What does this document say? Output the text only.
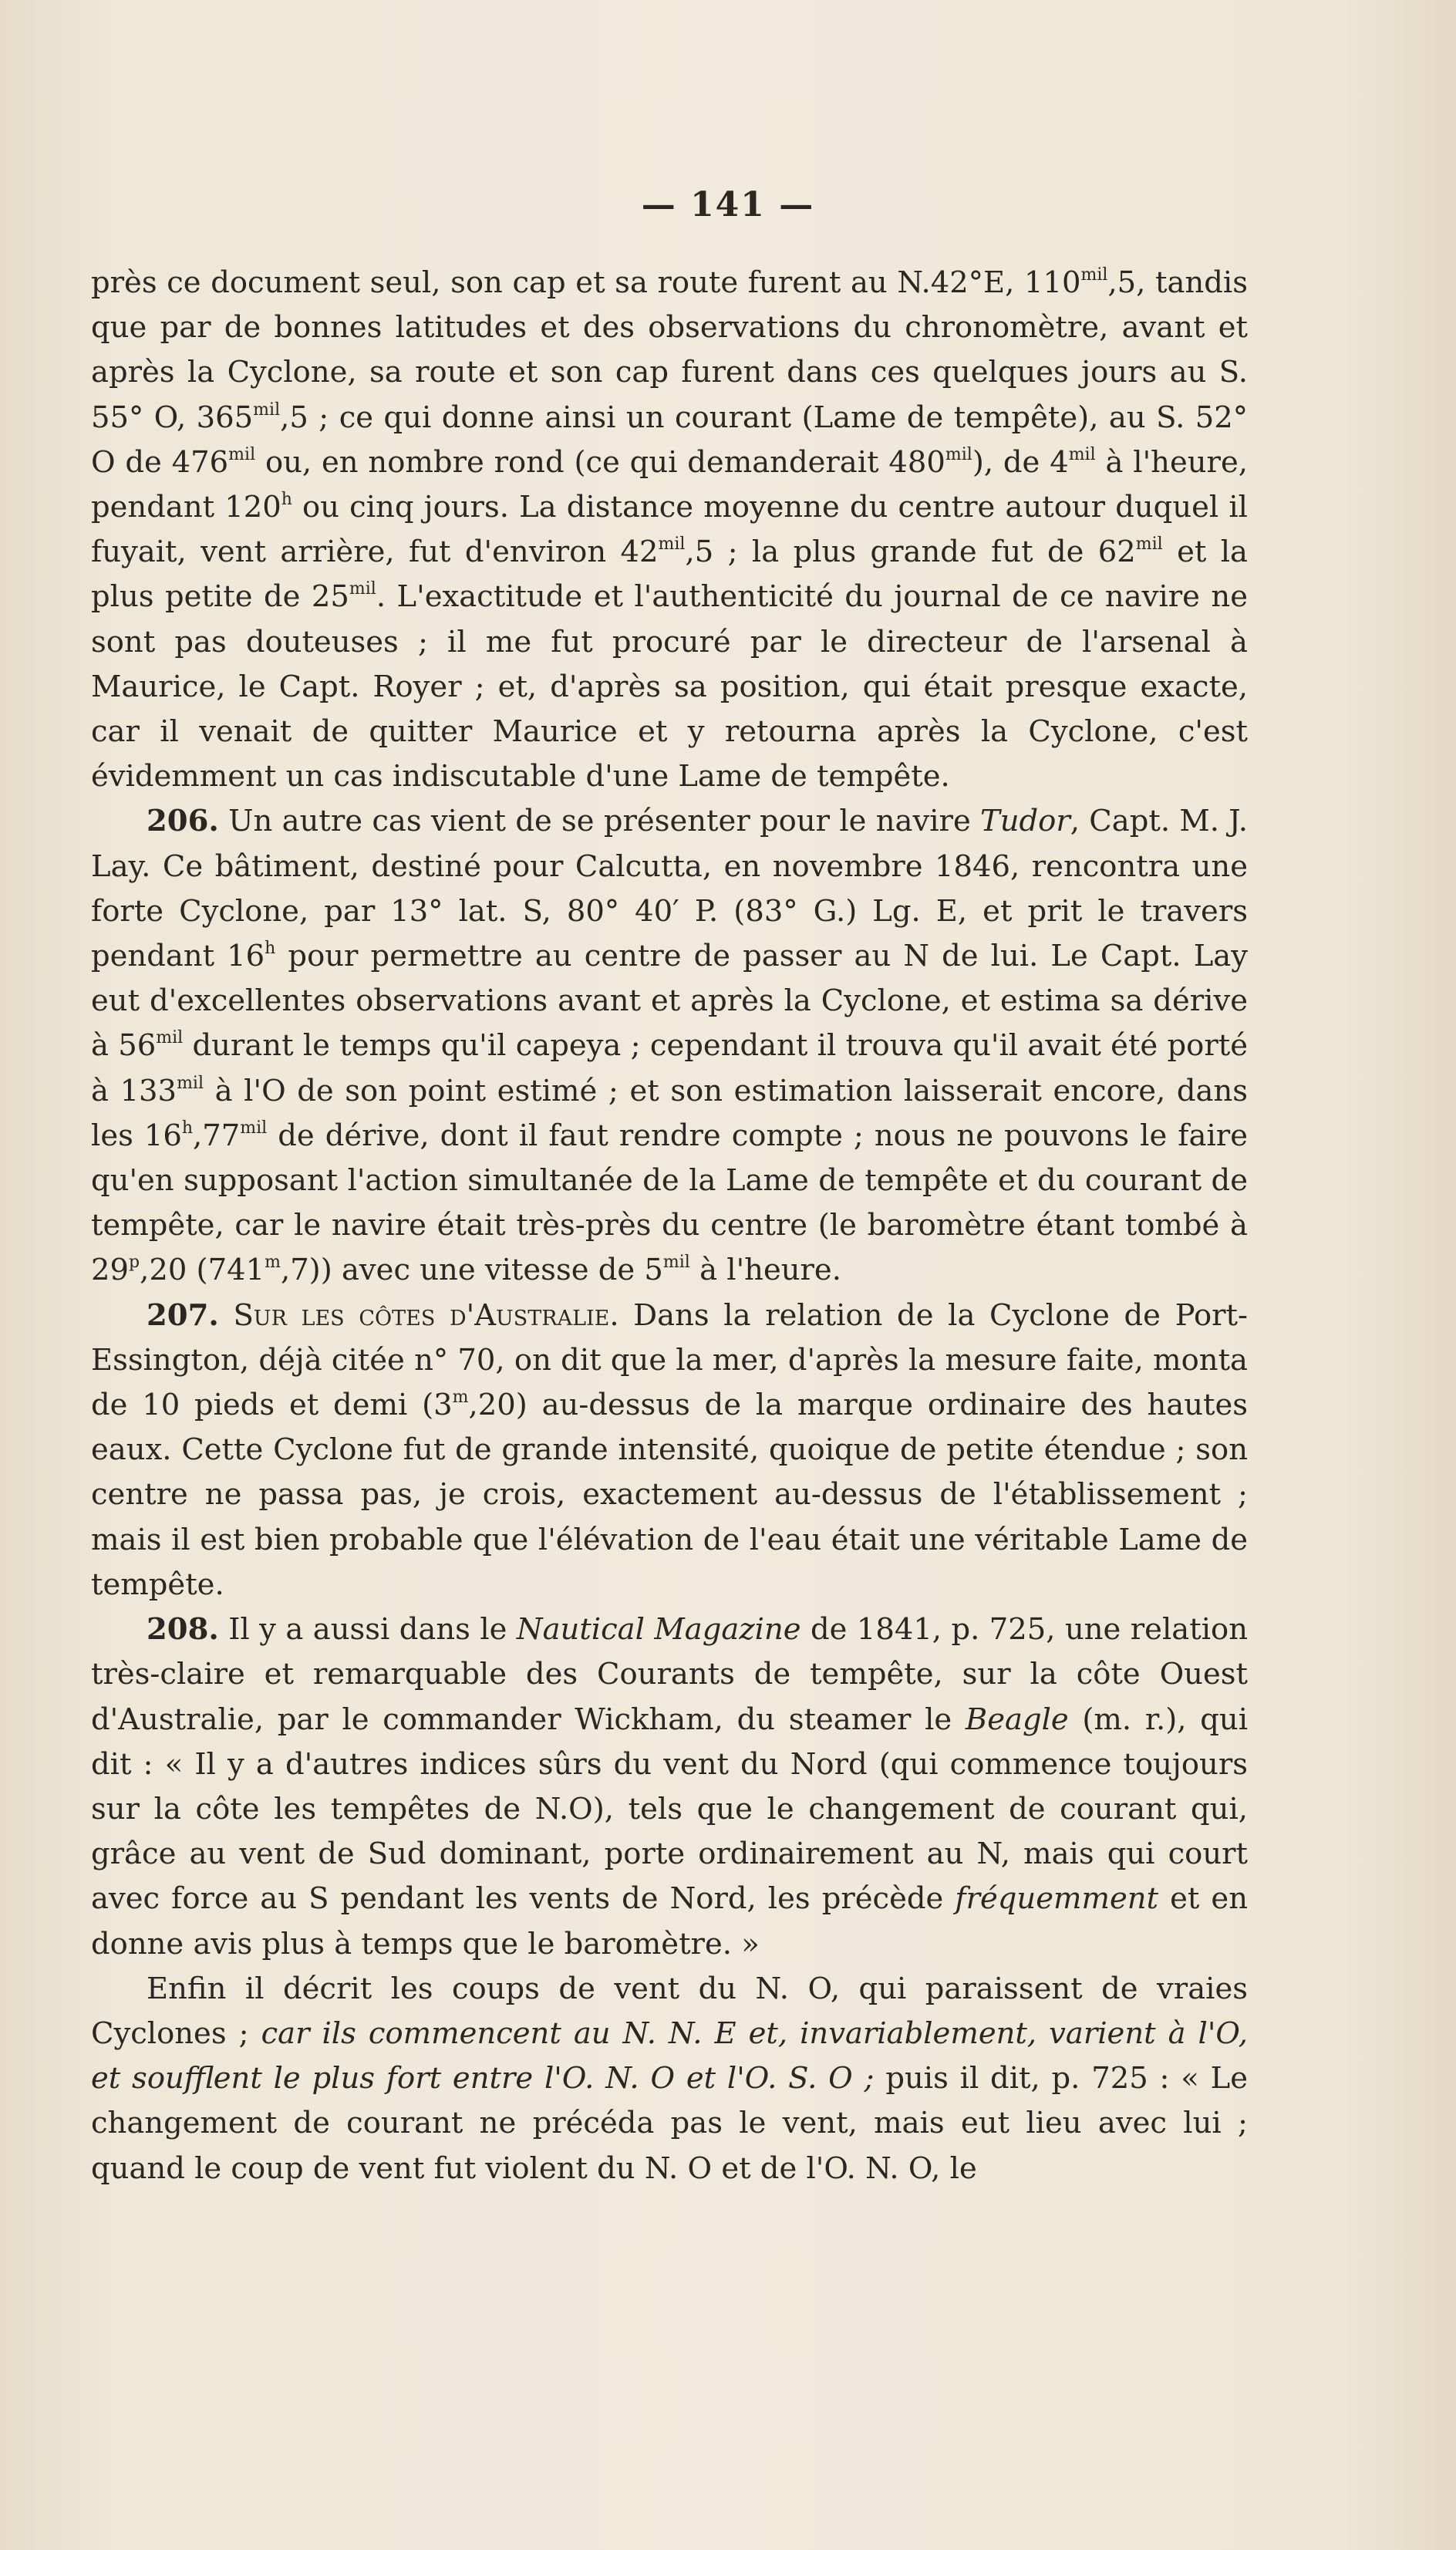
— 141 —

près ce document seul, son cap et sa route furent au N.42°E, $110^{mil},5$, tandis que par de bonnes latitudes et des observations du chronomètre, avant et après la Cyclone, sa route et son cap furent dans ces quelques jours au S. 55° O, $365^{mil},5$ ; ce qui donne ainsi un courant (Lame de tempête), au S. 52° O de $476^{mil}$ ou, en nombre rond (ce qui demanderait $480^{mil}$), de $4^{mil}$ à l'heure, pendant 120$^h$ ou cinq jours. La distance moyenne du centre autour duquel il fuyait, vent arrière, fut d'environ $42^{mil},5$ ; la plus grande fut de $62^{mil}$ et la plus petite de $25^{mil}$. L'exactitude et l'authenticité du journal de ce navire ne sont pas douteuses ; il me fut procuré par le directeur de l'arsenal à Maurice, le Capt. Royer ; et, d'après sa position, qui était presque exacte, car il venait de quitter Maurice et y retourna après la Cyclone, c'est évidemment un cas indiscutable d'une Lame de tempête.

206. Un autre cas vient de se présenter pour le navire Tudor, Capt. M. J. Lay. Ce bâtiment, destiné pour Calcutta, en novembre 1846, rencontra une forte Cyclone, par 13° lat. S, 80° 40′ P. (83° G.) Lg. E, et prit le travers pendant 16$^h$ pour permettre au centre de passer au N de lui. Le Capt. Lay eut d'excellentes observations avant et après la Cyclone, et estima sa dérive à $56^{mil}$ durant le temps qu'il capeya ; cependant il trouva qu'il avait été porté à $133^{mil}$ à l'O de son point estimé ; et son estimation laisserait encore, dans les $16^h,77^{mil}$ de dérive, dont il faut rendre compte ; nous ne pouvons le faire qu'en supposant l'action simultanée de la Lame de tempête et du courant de tempête, car le navire était très-près du centre (le baromètre étant tombé à 29$^p$,20 (741$^m$,7)) avec une vitesse de $5^{mil}$ à l'heure.

207. Sur les côtes d'Australie. Dans la relation de la Cyclone de Port-Essington, déjà citée n° 70, on dit que la mer, d'après la mesure faite, monta de 10 pieds et demi (3$^m$,20) au-dessus de la marque ordinaire des hautes eaux. Cette Cyclone fut de grande intensité, quoique de petite étendue ; son centre ne passa pas, je crois, exactement au-dessus de l'établissement ; mais il est bien probable que l'élévation de l'eau était une véritable Lame de tempête.

208. Il y a aussi dans le Nautical Magazine de 1841, p. 725, une relation très-claire et remarquable des Courants de tempête, sur la côte Ouest d'Australie, par le commander Wickham, du steamer le Beagle (m. r.), qui dit : « Il y a d'autres indices sûrs du vent du Nord (qui commence toujours sur la côte les tempêtes de N.O), tels que le changement de courant qui, grâce au vent de Sud dominant, porte ordinairement au N, mais qui court avec force au S pendant les vents de Nord, les précède fréquemment et en donne avis plus à temps que le baromètre. »

Enfin il décrit les coups de vent du N. O, qui paraissent de vraies Cyclones ; car ils commencent au N. N. E et, invariablement, varient à l'O, et soufflent le plus fort entre l'O. N. O et l'O. S. O ; puis il dit, p. 725 : « Le changement de courant ne précéda pas le vent, mais eut lieu avec lui ; quand le coup de vent fut violent du N. O et de l'O. N. O, le
